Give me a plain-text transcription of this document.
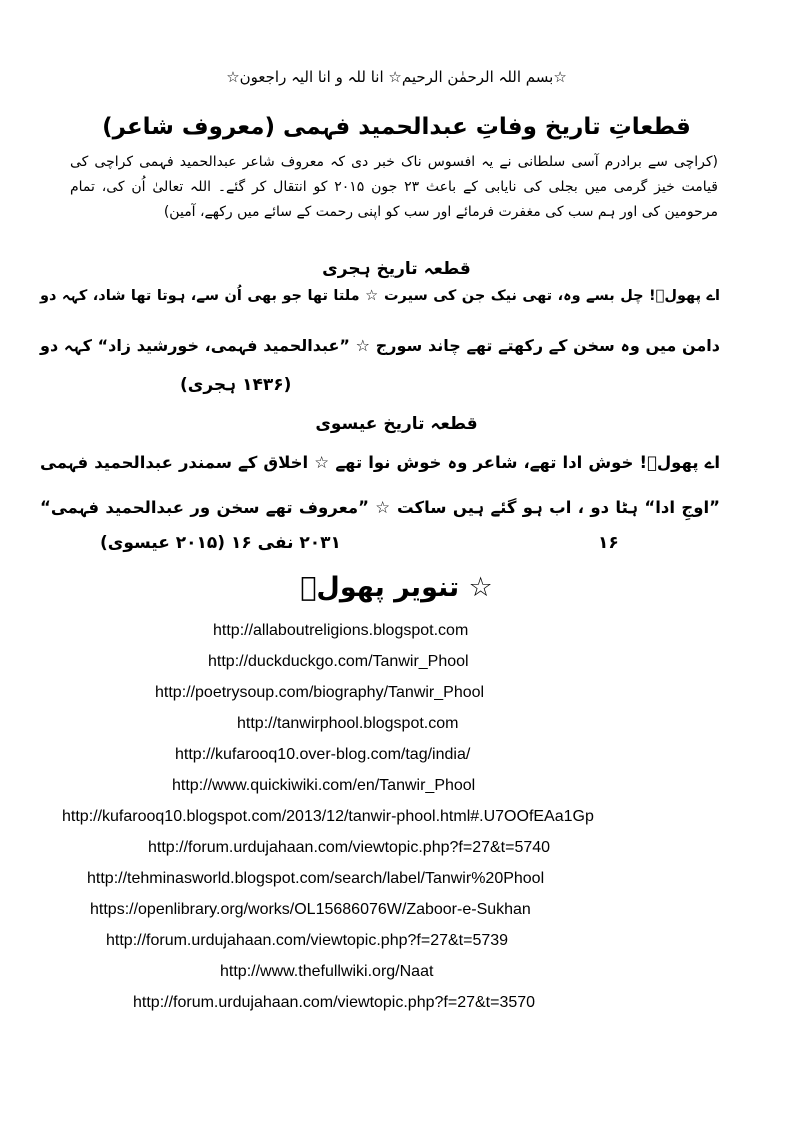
☆بسم اللہ الرحمٰن الرحیم☆ انا للہ و انا الیہ راجعون☆
قطعاتِ تاریخ وفاتِ عبدالحمید فہمی (معروف شاعر)
(کراچی سے برادرم آسی سلطانی نے یہ افسوس ناک خبر دی کہ معروف شاعر عبدالحمید فہمی کراچی کی قیامت خیز گرمی میں بجلی کی نایابی کے باعث ۲۳ جون ۲۰۱۵ کو انتقال کر گئے۔ اللہ تعالیٰ اُن کی، تمام مرحومین کی اور ہم سب کی مغفرت فرمائے اور سب کو اپنی رحمت کے سائے میں رکھے، آمین)
قطعہ تاریخ ہجری
اے پھولؔ! چل بسے وہ، تھی نیک جن کی سیرت ☆ ملتا تھا جو بھی اُن سے، ہوتا تھا شاد، کہہ دو
دامن میں وہ سخن کے رکھتے تھے چاند سورج ☆ ”عبدالحمید فہمی، خورشید زاد“ کہہ دو
(۱۴۳۶ ہجری)
قطعہ تاریخ عیسوی
اے پھولؔ! خوش ادا تھے، شاعر وہ خوش نوا تھے ☆ اخلاق کے سمندر عبدالحمید فہمی
”اوجِ ادا“ ہٹا دو ، اب ہو گئے ہیں ساکت ☆ ”معروف تھے سخن ور عبدالحمید فہمی“
۲۰۳۱ نفی ۱۶ (۲۰۱۵ عیسوی)	۱۶
☆ تنویر پھولؔ
http://allaboutreligions.blogspot.com
http://duckduckgo.com/Tanwir_Phool
http://poetrysoup.com/biography/Tanwir_Phool
http://tanwirphool.blogspot.com
http://kufarooq10.over-blog.com/tag/india/
http://www.quickiwiki.com/en/Tanwir_Phool
http://kufarooq10.blogspot.com/2013/12/tanwir-phool.html#.U7OOfEAa1Gp
http://forum.urdujahaan.com/viewtopic.php?f=27&t=5740
http://tehminasworld.blogspot.com/search/label/Tanwir%20Phool
https://openlibrary.org/works/OL15686076W/Zaboor-e-Sukhan
http://forum.urdujahaan.com/viewtopic.php?f=27&t=5739
http://www.thefullwiki.org/Naat
http://forum.urdujahaan.com/viewtopic.php?f=27&t=3570
